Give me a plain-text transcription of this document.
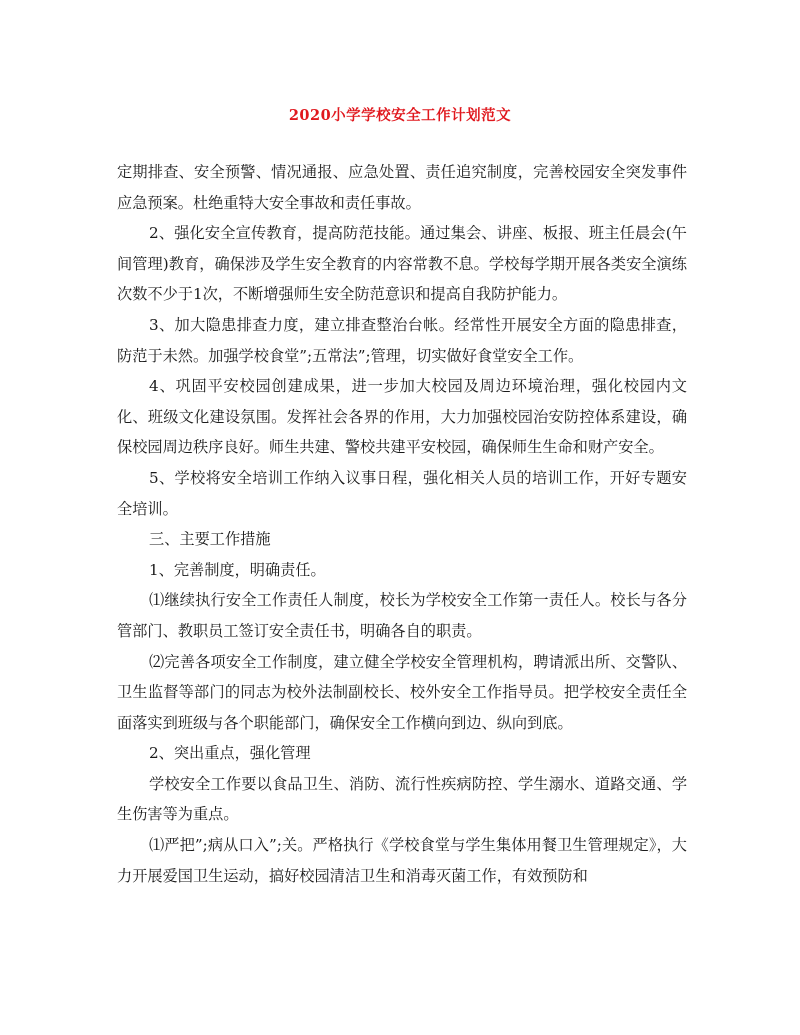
2020小学学校安全工作计划范文

定期排查、安全预警、情况通报、应急处置、责任追究制度，完善校园安全突发事件应急预案。杜绝重特大安全事故和责任事故。

2、强化安全宣传教育，提高防范技能。通过集会、讲座、板报、班主任晨会(午间管理)教育，确保涉及学生安全教育的内容常教不息。学校每学期开展各类安全演练次数不少于1次，不断增强师生安全防范意识和提高自我防护能力。

3、加大隐患排查力度，建立排查整治台帐。经常性开展安全方面的隐患排查，防范于未然。加强学校食堂”;五常法”;管理，切实做好食堂安全工作。

4、巩固平安校园创建成果，进一步加大校园及周边环境治理，强化校园内文化、班级文化建设氛围。发挥社会各界的作用，大力加强校园治安防控体系建设，确保校园周边秩序良好。师生共建、警校共建平安校园，确保师生生命和财产安全。

5、学校将安全培训工作纳入议事日程，强化相关人员的培训工作，开好专题安全培训。

三、主要工作措施

1、完善制度，明确责任。

⑴继续执行安全工作责任人制度，校长为学校安全工作第一责任人。校长与各分管部门、教职员工签订安全责任书，明确各自的职责。

⑵完善各项安全工作制度，建立健全学校安全管理机构，聘请派出所、交警队、卫生监督等部门的同志为校外法制副校长、校外安全工作指导员。把学校安全责任全面落实到班级与各个职能部门，确保安全工作横向到边、纵向到底。

2、突出重点，强化管理

学校安全工作要以食品卫生、消防、流行性疾病防控、学生溺水、道路交通、学生伤害等为重点。

⑴严把”;病从口入”;关。严格执行《学校食堂与学生集体用餐卫生管理规定》，大力开展爱国卫生运动，搞好校园清洁卫生和消毒灭菌工作，有效预防和
